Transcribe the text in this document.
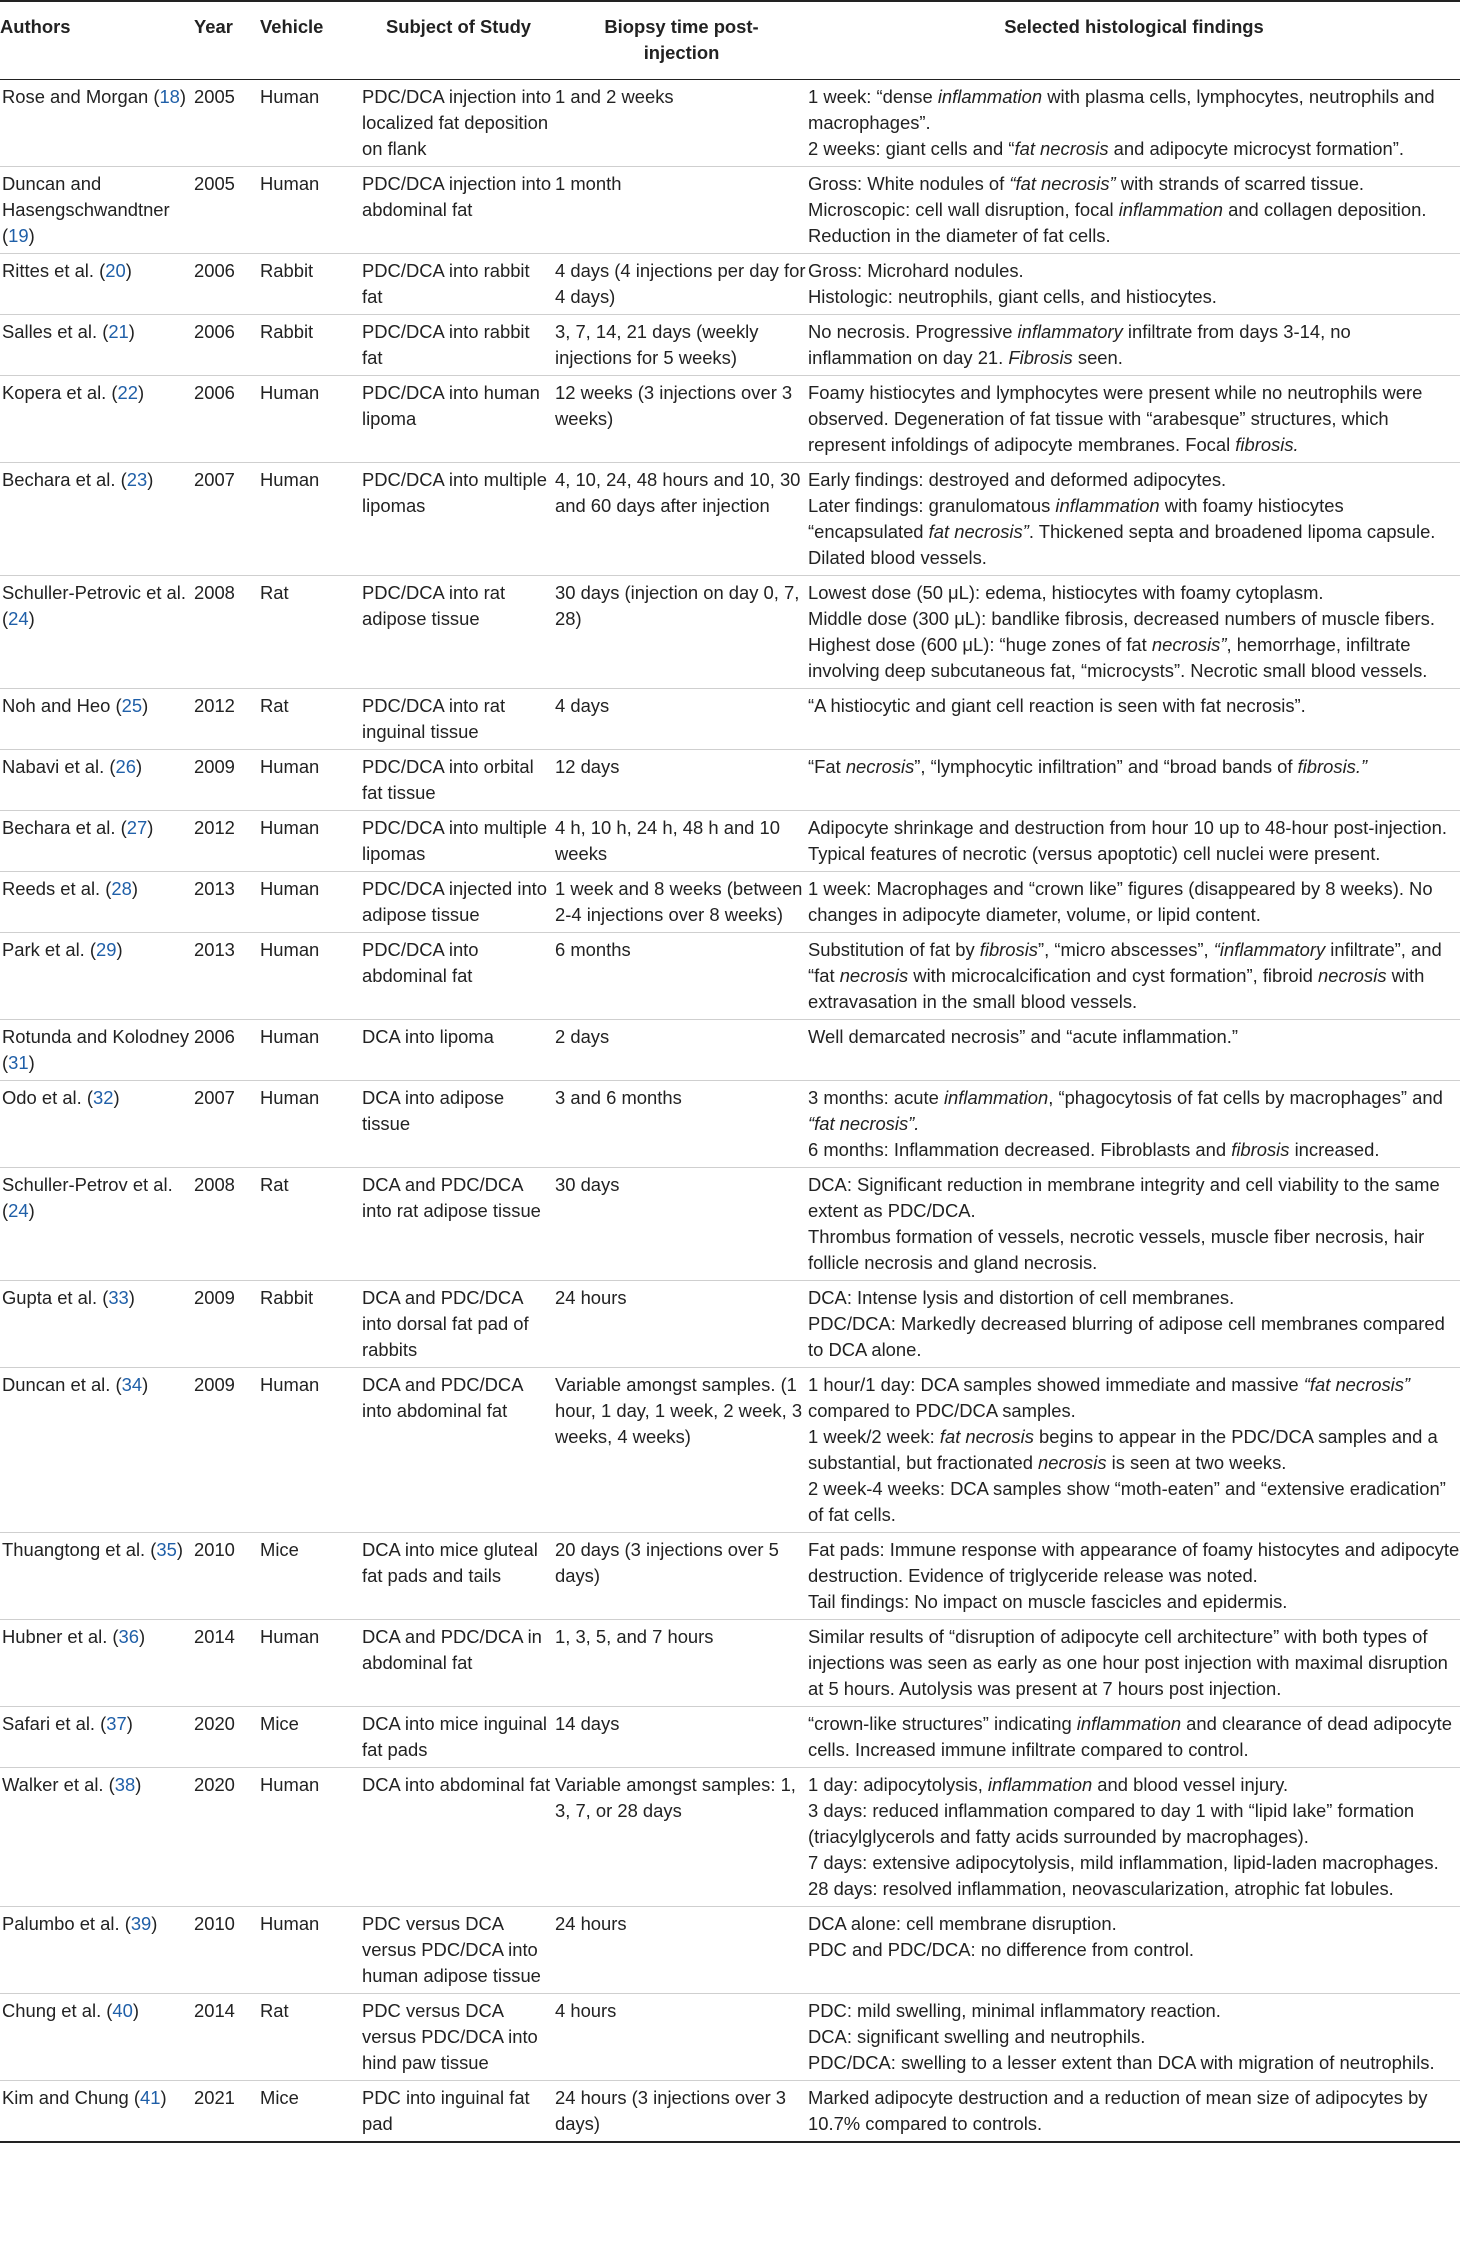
Authors	Year	Vehicle	Subject of Study	Biopsy time post-injection	Selected histological findings
Rose and Morgan (18)	2005	Human	PDC/DCA injection into localized fat deposition on flank	1 and 2 weeks	1 week: “dense inflammation with plasma cells, lymphocytes, neutrophils and macrophages”.
2 weeks: giant cells and “fat necrosis and adipocyte microcyst formation”.

Duncan and Hasengschwandtner (19)	2005	Human	PDC/DCA injection into abdominal fat	1 month	Gross: White nodules of “fat necrosis” with strands of scarred tissue.
Microscopic: cell wall disruption, focal inflammation and collagen deposition. Reduction in the diameter of fat cells.

Rittes et al. (20)	2006	Rabbit	PDC/DCA into rabbit fat	4 days (4 injections per day for 4 days)	Gross: Microhard nodules.
Histologic: neutrophils, giant cells, and histiocytes.

Salles et al. (21)	2006	Rabbit	PDC/DCA into rabbit fat	3, 7, 14, 21 days (weekly injections for 5 weeks)	No necrosis. Progressive inflammatory infiltrate from days 3-14, no inflammation on day 21. Fibrosis seen.

Kopera et al. (22)	2006	Human	PDC/DCA into human lipoma	12 weeks (3 injections over 3 weeks)	Foamy histiocytes and lymphocytes were present while no neutrophils were observed. Degeneration of fat tissue with “arabesque” structures, which represent infoldings of adipocyte membranes. Focal fibrosis.

Bechara et al. (23)	2007	Human	PDC/DCA into multiple lipomas	4, 10, 24, 48 hours and 10, 30 and 60 days after injection	Early findings: destroyed and deformed adipocytes.
Later findings: granulomatous inflammation with foamy histiocytes “encapsulated fat necrosis”. Thickened septa and broadened lipoma capsule. Dilated blood vessels.

Schuller-Petrovic et al. (24)	2008	Rat	PDC/DCA into rat adipose tissue	30 days (injection on day 0, 7, 28)	Lowest dose (50 μL): edema, histiocytes with foamy cytoplasm.
Middle dose (300 μL): bandlike fibrosis, decreased numbers of muscle fibers.
Highest dose (600 μL): “huge zones of fat necrosis”, hemorrhage, infiltrate involving deep subcutaneous fat, “microcysts”. Necrotic small blood vessels.

Noh and Heo (25)	2012	Rat	PDC/DCA into rat inguinal tissue	4 days	“A histiocytic and giant cell reaction is seen with fat necrosis”.

Nabavi et al. (26)	2009	Human	PDC/DCA into orbital fat tissue	12 days	“Fat necrosis”, “lymphocytic infiltration” and “broad bands of fibrosis.”

Bechara et al. (27)	2012	Human	PDC/DCA into multiple lipomas	4 h, 10 h, 24 h, 48 h and 10 weeks	Adipocyte shrinkage and destruction from hour 10 up to 48-hour post-injection. Typical features of necrotic (versus apoptotic) cell nuclei were present.

Reeds et al. (28)	2013	Human	PDC/DCA injected into adipose tissue	1 week and 8 weeks (between 2-4 injections over 8 weeks)	1 week: Macrophages and “crown like” figures (disappeared by 8 weeks). No changes in adipocyte diameter, volume, or lipid content.

Park et al. (29)	2013	Human	PDC/DCA into abdominal fat	6 months	Substitution of fat by fibrosis”, “micro abscesses”, “inflammatory infiltrate”, and “fat necrosis with microcalcification and cyst formation”, fibroid necrosis with extravasation in the small blood vessels.

Rotunda and Kolodney (31)	2006	Human	DCA into lipoma	2 days	Well demarcated necrosis” and “acute inflammation.”

Odo et al. (32)	2007	Human	DCA into adipose tissue	3 and 6 months	3 months: acute inflammation, “phagocytosis of fat cells by macrophages” and “fat necrosis”.
6 months: Inflammation decreased. Fibroblasts and fibrosis increased.

Schuller-Petrov et al. (24)	2008	Rat	DCA and PDC/DCA into rat adipose tissue	30 days	DCA: Significant reduction in membrane integrity and cell viability to the same extent as PDC/DCA.
Thrombus formation of vessels, necrotic vessels, muscle fiber necrosis, hair follicle necrosis and gland necrosis.

Gupta et al. (33)	2009	Rabbit	DCA and PDC/DCA into dorsal fat pad of rabbits	24 hours	DCA: Intense lysis and distortion of cell membranes.
PDC/DCA: Markedly decreased blurring of adipose cell membranes compared to DCA alone.

Duncan et al. (34)	2009	Human	DCA and PDC/DCA into abdominal fat	Variable amongst samples. (1 hour, 1 day, 1 week, 2 week, 3 weeks, 4 weeks)	1 hour/1 day: DCA samples showed immediate and massive “fat necrosis” compared to PDC/DCA samples.
1 week/2 week: fat necrosis begins to appear in the PDC/DCA samples and a substantial, but fractionated necrosis is seen at two weeks.
2 week-4 weeks: DCA samples show “moth-eaten” and “extensive eradication” of fat cells.

Thuangtong et al. (35)	2010	Mice	DCA into mice gluteal fat pads and tails	20 days (3 injections over 5 days)	Fat pads: Immune response with appearance of foamy histocytes and adipocyte destruction. Evidence of triglyceride release was noted.
Tail findings: No impact on muscle fascicles and epidermis.

Hubner et al. (36)	2014	Human	DCA and PDC/DCA in abdominal fat	1, 3, 5, and 7 hours	Similar results of “disruption of adipocyte cell architecture” with both types of injections was seen as early as one hour post injection with maximal disruption at 5 hours. Autolysis was present at 7 hours post injection.

Safari et al. (37)	2020	Mice	DCA into mice inguinal fat pads	14 days	“crown-like structures” indicating inflammation and clearance of dead adipocyte cells. Increased immune infiltrate compared to control.

Walker et al. (38)	2020	Human	DCA into abdominal fat	Variable amongst samples: 1, 3, 7, or 28 days	1 day: adipocytolysis, inflammation and blood vessel injury.
3 days: reduced inflammation compared to day 1 with “lipid lake” formation (triacylglycerols and fatty acids surrounded by macrophages).
7 days: extensive adipocytolysis, mild inflammation, lipid-laden macrophages.
28 days: resolved inflammation, neovascularization, atrophic fat lobules.

Palumbo et al. (39)	2010	Human	PDC versus DCA versus PDC/DCA into human adipose tissue	24 hours	DCA alone: cell membrane disruption.
PDC and PDC/DCA: no difference from control.

Chung et al. (40)	2014	Rat	PDC versus DCA versus PDC/DCA into hind paw tissue	4 hours	PDC: mild swelling, minimal inflammatory reaction.
DCA: significant swelling and neutrophils.
PDC/DCA: swelling to a lesser extent than DCA with migration of neutrophils.

Kim and Chung (41)	2021	Mice	PDC into inguinal fat pad	24 hours (3 injections over 3 days)	Marked adipocyte destruction and a reduction of mean size of adipocytes by 10.7% compared to controls.
